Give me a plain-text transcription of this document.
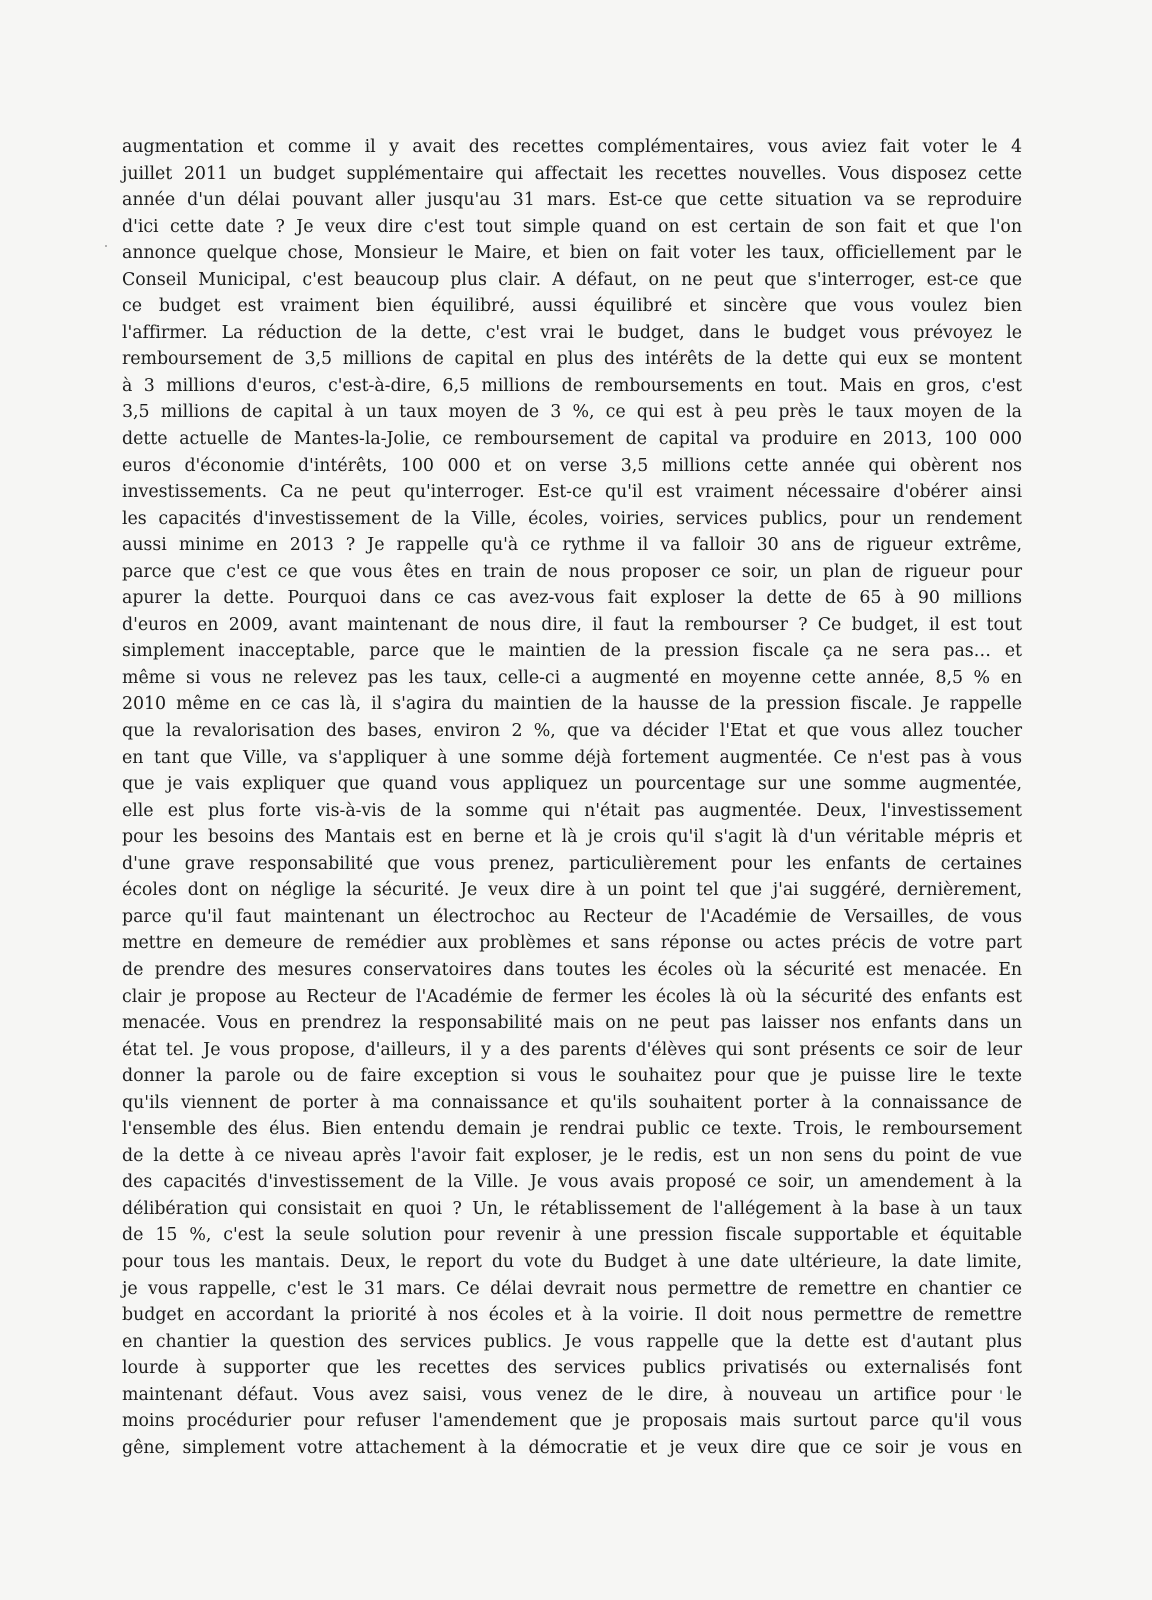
augmentation et comme il y avait des recettes complémentaires, vous aviez fait voter le 4
juillet 2011 un budget supplémentaire qui affectait les recettes nouvelles. Vous disposez cette
année d'un délai pouvant aller jusqu'au 31 mars. Est-ce que cette situation va se reproduire
d'ici cette date ? Je veux dire c'est tout simple quand on est certain de son fait et que l'on
annonce quelque chose, Monsieur le Maire, et bien on fait voter les taux, officiellement par le
Conseil Municipal, c'est beaucoup plus clair. A défaut, on ne peut que s'interroger, est-ce que
ce budget est vraiment bien équilibré, aussi équilibré et sincère que vous voulez bien
l'affirmer. La réduction de la dette, c'est vrai le budget, dans le budget vous prévoyez le
remboursement de 3,5 millions de capital en plus des intérêts de la dette qui eux se montent
à 3 millions d'euros, c'est-à-dire, 6,5 millions de remboursements en tout. Mais en gros, c'est
3,5 millions de capital à un taux moyen de 3 %, ce qui est à peu près le taux moyen de la
dette actuelle de Mantes-la-Jolie, ce remboursement de capital va produire en 2013, 100 000
euros d'économie d'intérêts, 100 000 et on verse 3,5 millions cette année qui obèrent nos
investissements. Ca ne peut qu'interroger. Est-ce qu'il est vraiment nécessaire d'obérer ainsi
les capacités d'investissement de la Ville, écoles, voiries, services publics, pour un rendement
aussi minime en 2013 ? Je rappelle qu'à ce rythme il va falloir 30 ans de rigueur extrême,
parce que c'est ce que vous êtes en train de nous proposer ce soir, un plan de rigueur pour
apurer la dette. Pourquoi dans ce cas avez-vous fait exploser la dette de 65 à 90 millions
d'euros en 2009, avant maintenant de nous dire, il faut la rembourser ? Ce budget, il est tout
simplement inacceptable, parce que le maintien de la pression fiscale ça ne sera pas… et
même si vous ne relevez pas les taux, celle-ci a augmenté en moyenne cette année, 8,5 % en
2010 même en ce cas là, il s'agira du maintien de la hausse de la pression fiscale. Je rappelle
que la revalorisation des bases, environ 2 %, que va décider l'Etat et que vous allez toucher
en tant que Ville, va s'appliquer à une somme déjà fortement augmentée. Ce n'est pas à vous
que je vais expliquer que quand vous appliquez un pourcentage sur une somme augmentée,
elle est plus forte vis-à-vis de la somme qui n'était pas augmentée. Deux, l'investissement
pour les besoins des Mantais est en berne et là je crois qu'il s'agit là d'un véritable mépris et
d'une grave responsabilité que vous prenez, particulièrement pour les enfants de certaines
écoles dont on néglige la sécurité. Je veux dire à un point tel que j'ai suggéré, dernièrement,
parce qu'il faut maintenant un électrochoc au Recteur de l'Académie de Versailles, de vous
mettre en demeure de remédier aux problèmes et sans réponse ou actes précis de votre part
de prendre des mesures conservatoires dans toutes les écoles où la sécurité est menacée. En
clair je propose au Recteur de l'Académie de fermer les écoles là où la sécurité des enfants est
menacée. Vous en prendrez la responsabilité mais on ne peut pas laisser nos enfants dans un
état tel. Je vous propose, d'ailleurs, il y a des parents d'élèves qui sont présents ce soir de leur
donner la parole ou de faire exception si vous le souhaitez pour que je puisse lire le texte
qu'ils viennent de porter à ma connaissance et qu'ils souhaitent porter à la connaissance de
l'ensemble des élus. Bien entendu demain je rendrai public ce texte. Trois, le remboursement
de la dette à ce niveau après l'avoir fait exploser, je le redis, est un non sens du point de vue
des capacités d'investissement de la Ville. Je vous avais proposé ce soir, un amendement à la
délibération qui consistait en quoi ? Un, le rétablissement de l'allégement à la base à un taux
de 15 %, c'est la seule solution pour revenir à une pression fiscale supportable et équitable
pour tous les mantais. Deux, le report du vote du Budget à une date ultérieure, la date limite,
je vous rappelle, c'est le 31 mars. Ce délai devrait nous permettre de remettre en chantier ce
budget en accordant la priorité à nos écoles et à la voirie. Il doit nous permettre de remettre
en chantier la question des services publics. Je vous rappelle que la dette est d'autant plus
lourde à supporter que les recettes des services publics privatisés ou externalisés font
maintenant défaut. Vous avez saisi, vous venez de le dire, à nouveau un artifice pour le
moins procédurier pour refuser l'amendement que je proposais mais surtout parce qu'il vous
gêne, simplement votre attachement à la démocratie et je veux dire que ce soir je vous en
